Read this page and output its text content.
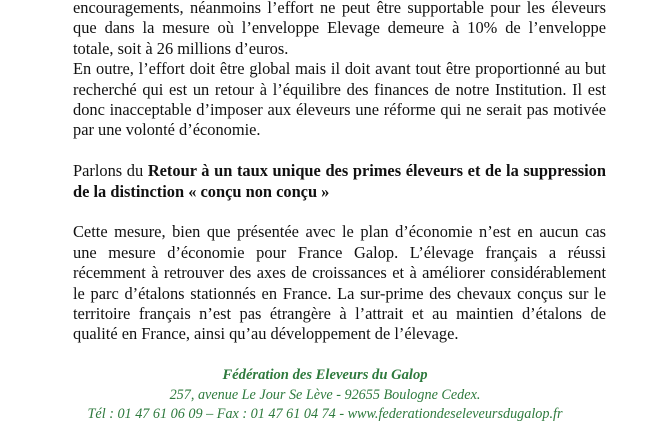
encouragements, néanmoins l’effort ne peut être supportable pour les éleveurs
que dans la mesure où l’enveloppe Elevage demeure à 10% de l’enveloppe
totale, soit à 26 millions d’euros.

En outre, l’effort doit être global mais il doit avant tout être proportionné au but
recherché qui est un retour à l’équilibre des finances de notre Institution. Il est
donc inacceptable d’imposer aux éleveurs une réforme qui ne serait pas motivée
par une volonté d’économie.

Parlons du Retour à un taux unique des primes éleveurs et de la suppression
de la distinction « conçu non conçu »

Cette mesure, bien que présentée avec le plan d’économie n’est en aucun cas
une mesure d’économie pour France Galop. L’élevage français a réussi
récemment à retrouver des axes de croissances et à améliorer considérablement
le parc d’étalons stationnés en France. La sur-prime des chevaux conçus sur le
territoire français n’est pas étrangère à l’attrait et au maintien d’étalons de
qualité en France, ainsi qu’au développement de l’élevage.

Fédération des Eleveurs du Galop
257, avenue Le Jour Se Lève - 92655 Boulogne Cedex.
Tél : 01 47 61 06 09 – Fax : 01 47 61 04 74 - www.federationdeseleveursdugalop.fr
